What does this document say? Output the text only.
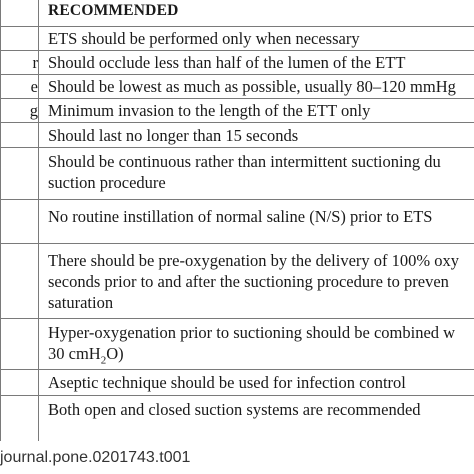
	RECOMMENDED
	ETS should be performed only when necessary
r	Should occlude less than half of the lumen of the ETT
e	Should be lowest as much as possible, usually 80–120 mmHg
g	Minimum invasion to the length of the ETT only
	Should last no longer than 15 seconds

	Should be continuous rather than intermittent suctioning du
suction procedure

	No routine instillation of normal saline (N/S) prior to ETS

	There should be pre-oxygenation by the delivery of 100% oxy
seconds prior to and after the suctioning procedure to preven
saturation

	Hyper-oxygenation prior to suctioning should be combined w
30 cmH$_2$O)

	Aseptic technique should be used for infection control
	Both open and closed suction systems are recommended
journal.pone.0201743.t001
